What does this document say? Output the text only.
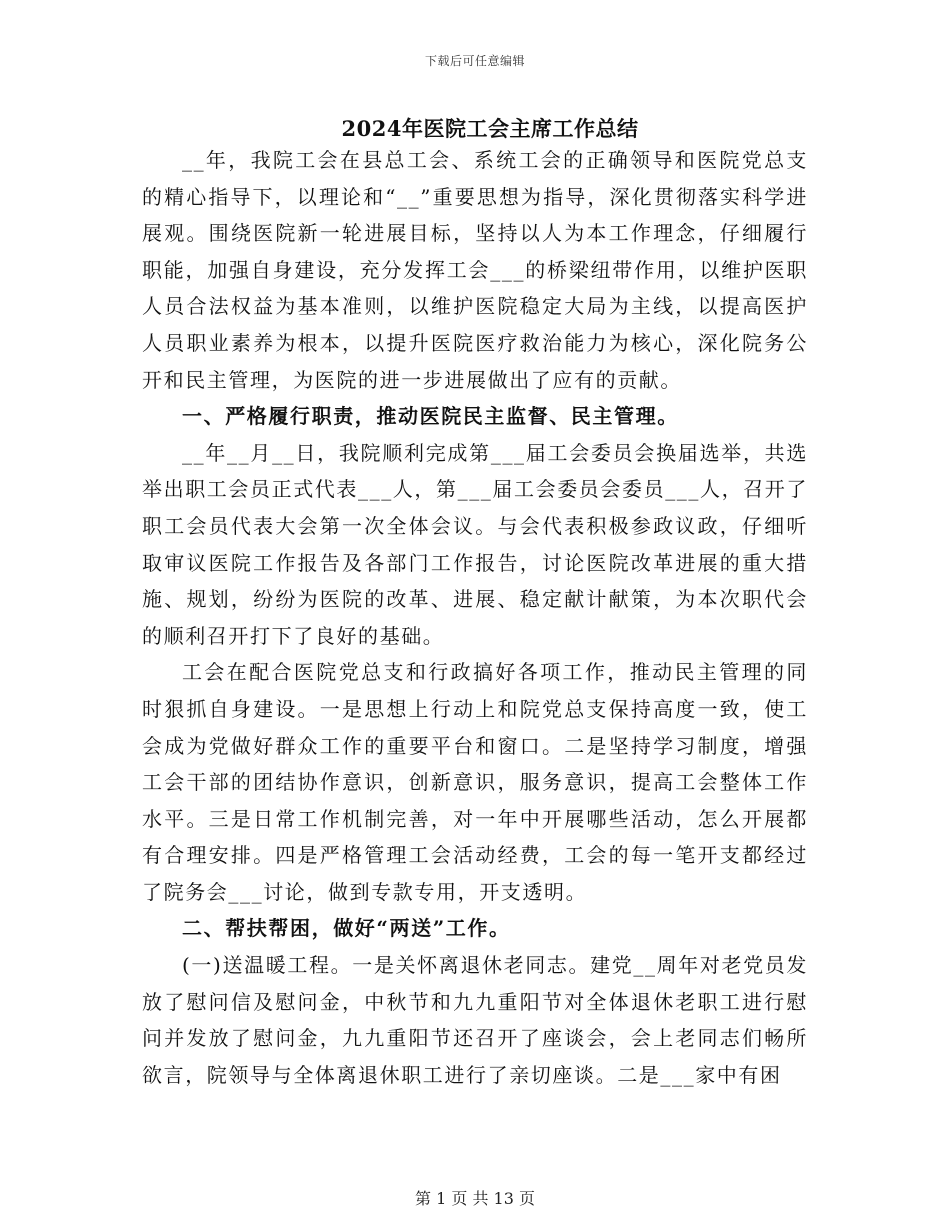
下载后可任意编辑
2024年医院工会主席工作总结

__年，我院工会在县总工会、系统工会的正确领导和医院党总支的精心指导下，以理论和“__”重要思想为指导，深化贯彻落实科学进展观。围绕医院新一轮进展目标，坚持以人为本工作理念，仔细履行职能，加强自身建设，充分发挥工会___的桥梁纽带作用，以维护医职人员合法权益为基本准则，以维护医院稳定大局为主线，以提高医护人员职业素养为根本，以提升医院医疗救治能力为核心，深化院务公开和民主管理，为医院的进一步进展做出了应有的贡献。

一、严格履行职责，推动医院民主监督、民主管理。

__年__月__日，我院顺利完成第___届工会委员会换届选举，共选举出职工会员正式代表___人，第___届工会委员会委员___人，召开了职工会员代表大会第一次全体会议。与会代表积极参政议政，仔细听取审议医院工作报告及各部门工作报告，讨论医院改革进展的重大措施、规划，纷纷为医院的改革、进展、稳定献计献策，为本次职代会的顺利召开打下了良好的基础。

工会在配合医院党总支和行政搞好各项工作，推动民主管理的同时狠抓自身建设。一是思想上行动上和院党总支保持高度一致，使工会成为党做好群众工作的重要平台和窗口。二是坚持学习制度，增强工会干部的团结协作意识，创新意识，服务意识，提高工会整体工作水平。三是日常工作机制完善，对一年中开展哪些活动，怎么开展都有合理安排。四是严格管理工会活动经费，工会的每一笔开支都经过了院务会___讨论，做到专款专用，开支透明。

二、帮扶帮困，做好“两送”工作。

(一)送温暖工程。一是关怀离退休老同志。建党__周年对老党员发放了慰问信及慰问金，中秋节和九九重阳节对全体退休老职工进行慰问并发放了慰问金，九九重阳节还召开了座谈会，会上老同志们畅所欲言，院领导与全体离退休职工进行了亲切座谈。二是___家中有困

第 1 页 共 13 页
